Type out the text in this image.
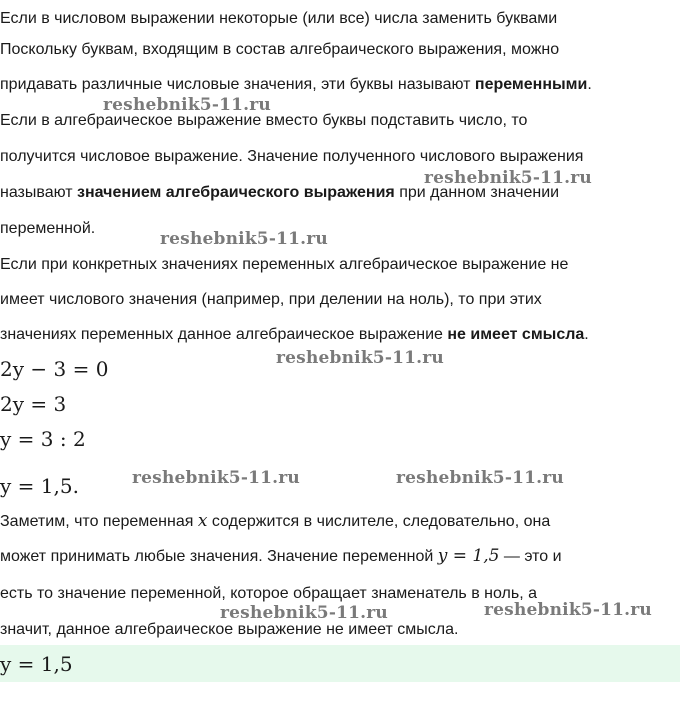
Если в числовом выражении некоторые (или все) числа заменить буквами
Поскольку буквам, входящим в состав алгебраического выражения, можно
придавать различные числовые значения, эти буквы называют переменными.
Если в алгебраическое выражение вместо буквы подставить число, то
получится числовое выражение. Значение полученного числового выражения
называют значением алгебраического выражения при данном значении
переменной.
Если при конкретных значениях переменных алгебраическое выражение не
имеет числового значения (например, при делении на ноль), то при этих
значениях переменных данное алгебраическое выражение не имеет смысла.
2y − 3 = 0
2y = 3
y = 3 : 2
y = 1,5.
Заметим, что переменная x содержится в числителе, следовательно, она
может принимать любые значения. Значение переменной y = 1,5 — это и
есть то значение переменной, которое обращает знаменатель в ноль, а
значит, данное алгебраическое выражение не имеет смысла.
y = 1,5
reshebnik5-11.ru
reshebnik5-11.ru
reshebnik5-11.ru
reshebnik5-11.ru
reshebnik5-11.ru	reshebnik5-11.ru
reshebnik5-11.ru	reshebnik5-11.ru
